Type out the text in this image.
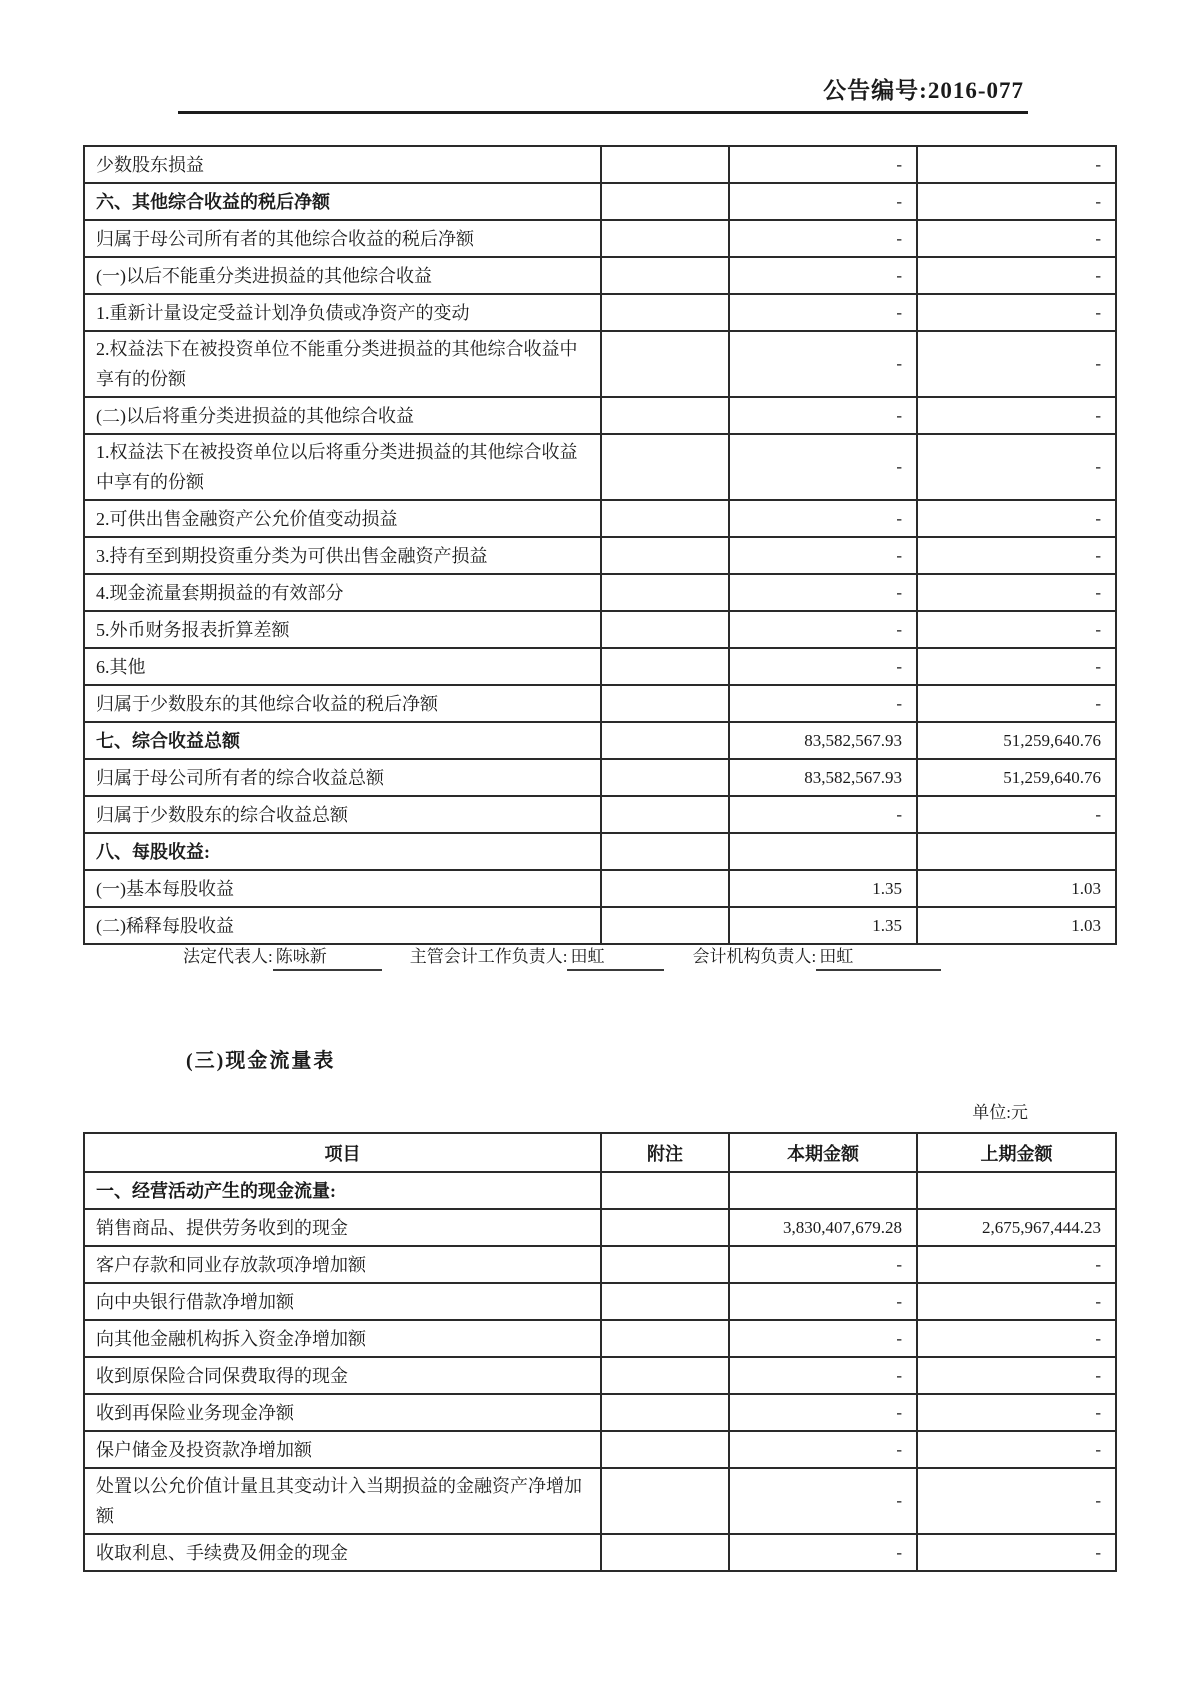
公告编号:2016-077
少数股东损益		-	-
六、其他综合收益的税后净额		-	-
归属于母公司所有者的其他综合收益的税后净额		-	-
(一)以后不能重分类进损益的其他综合收益		-	-
1.重新计量设定受益计划净负债或净资产的变动		-	-
2.权益法下在被投资单位不能重分类进损益的其他综合收益中享有的份额		-	-
(二)以后将重分类进损益的其他综合收益		-	-
1.权益法下在被投资单位以后将重分类进损益的其他综合收益中享有的份额		-	-
2.可供出售金融资产公允价值变动损益		-	-
3.持有至到期投资重分类为可供出售金融资产损益		-	-
4.现金流量套期损益的有效部分		-	-
5.外币财务报表折算差额		-	-
6.其他		-	-
归属于少数股东的其他综合收益的税后净额		-	-
七、综合收益总额		83,582,567.93	51,259,640.76
归属于母公司所有者的综合收益总额		83,582,567.93	51,259,640.76
归属于少数股东的综合收益总额		-	-
八、每股收益:			
(一)基本每股收益		1.35	1.03
(二)稀释每股收益		1.35	1.03
法定代表人: 陈咏新	主管会计工作负责人: 田虹	会计机构负责人: 田虹
(三)现金流量表
单位:元
项目	附注	本期金额	上期金额
一、经营活动产生的现金流量:			
销售商品、提供劳务收到的现金		3,830,407,679.28	2,675,967,444.23
客户存款和同业存放款项净增加额		-	-
向中央银行借款净增加额		-	-
向其他金融机构拆入资金净增加额		-	-
收到原保险合同保费取得的现金		-	-
收到再保险业务现金净额		-	-
保户储金及投资款净增加额		-	-
处置以公允价值计量且其变动计入当期损益的金融资产净增加额		-	-
收取利息、手续费及佣金的现金		-	-
